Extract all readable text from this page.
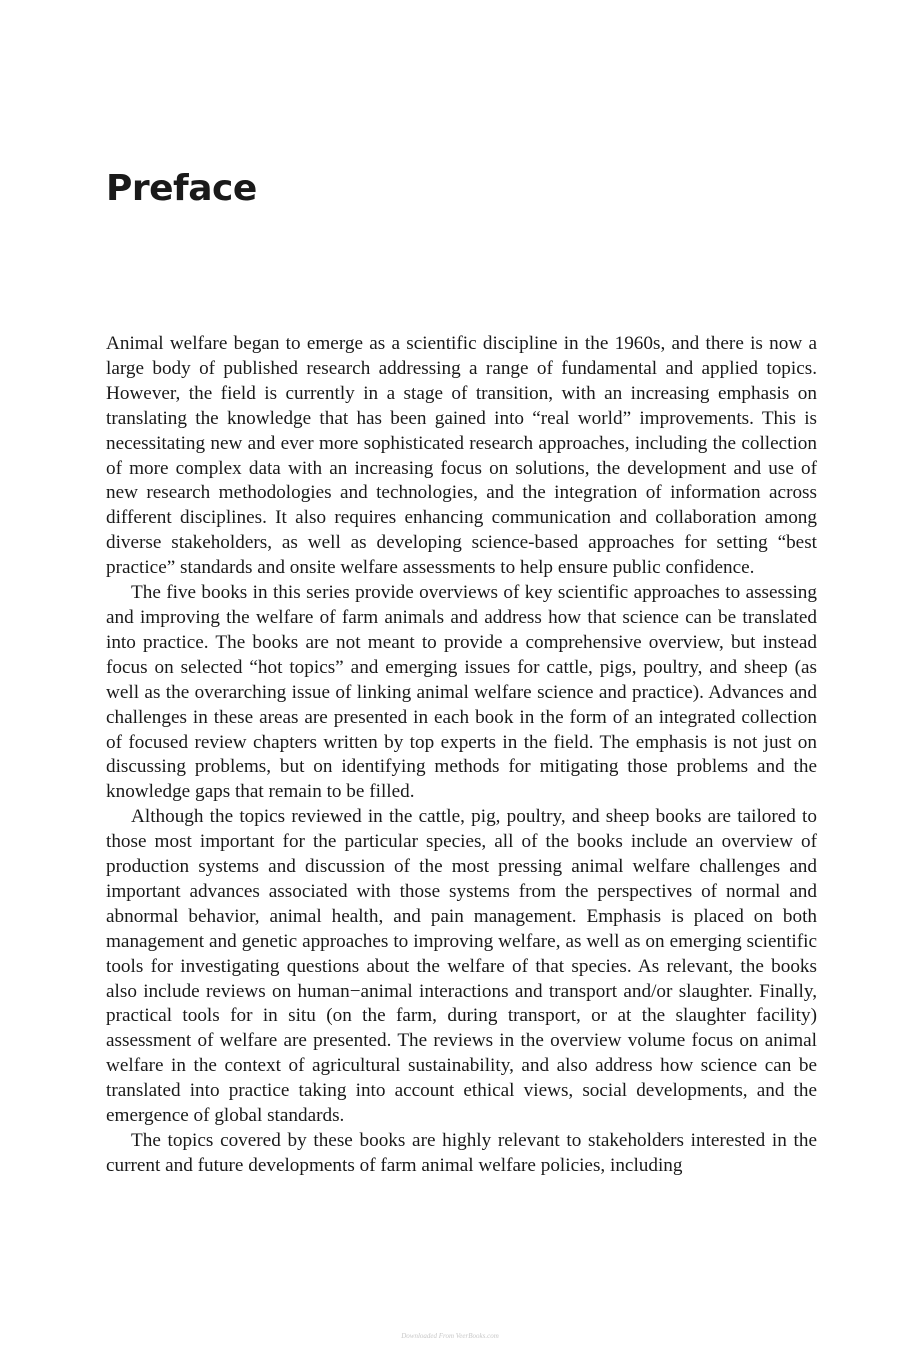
Preface

Animal welfare began to emerge as a scientific discipline in the 1960s, and there is now a large body of published research addressing a range of fundamental and applied topics. However, the field is currently in a stage of transition, with an increasing emphasis on translating the knowledge that has been gained into “real world” improvements. This is necessitating new and ever more sophisticated research approaches, including the collection of more complex data with an increasing focus on solutions, the development and use of new research methodologies and technologies, and the integration of information across different disciplines. It also requires enhancing communication and collaboration among diverse stakeholders, as well as developing science-based approaches for setting “best practice” standards and onsite welfare assessments to help ensure public confidence.

The five books in this series provide overviews of key scientific approaches to assessing and improving the welfare of farm animals and address how that science can be translated into practice. The books are not meant to provide a comprehensive overview, but instead focus on selected “hot topics” and emerging issues for cattle, pigs, poultry, and sheep (as well as the overarching issue of linking animal welfare science and practice). Advances and challenges in these areas are presented in each book in the form of an integrated collection of focused review chapters written by top experts in the field. The emphasis is not just on discussing problems, but on identifying methods for mitigating those problems and the knowledge gaps that remain to be filled.

Although the topics reviewed in the cattle, pig, poultry, and sheep books are tailored to those most important for the particular species, all of the books include an overview of production systems and discussion of the most pressing animal welfare challenges and important advances associated with those systems from the perspectives of normal and abnormal behavior, animal health, and pain management. Emphasis is placed on both management and genetic approaches to improving welfare, as well as on emerging scientific tools for investigating questions about the welfare of that species. As relevant, the books also include reviews on human−animal interactions and transport and/or slaughter. Finally, practical tools for in situ (on the farm, during transport, or at the slaughter facility) assessment of welfare are presented. The reviews in the overview volume focus on animal welfare in the context of agricultural sustainability, and also address how science can be translated into practice taking into account ethical views, social developments, and the emergence of global standards.

The topics covered by these books are highly relevant to stakeholders interested in the current and future developments of farm animal welfare policies, including

Downloaded From VeerBooks.com
